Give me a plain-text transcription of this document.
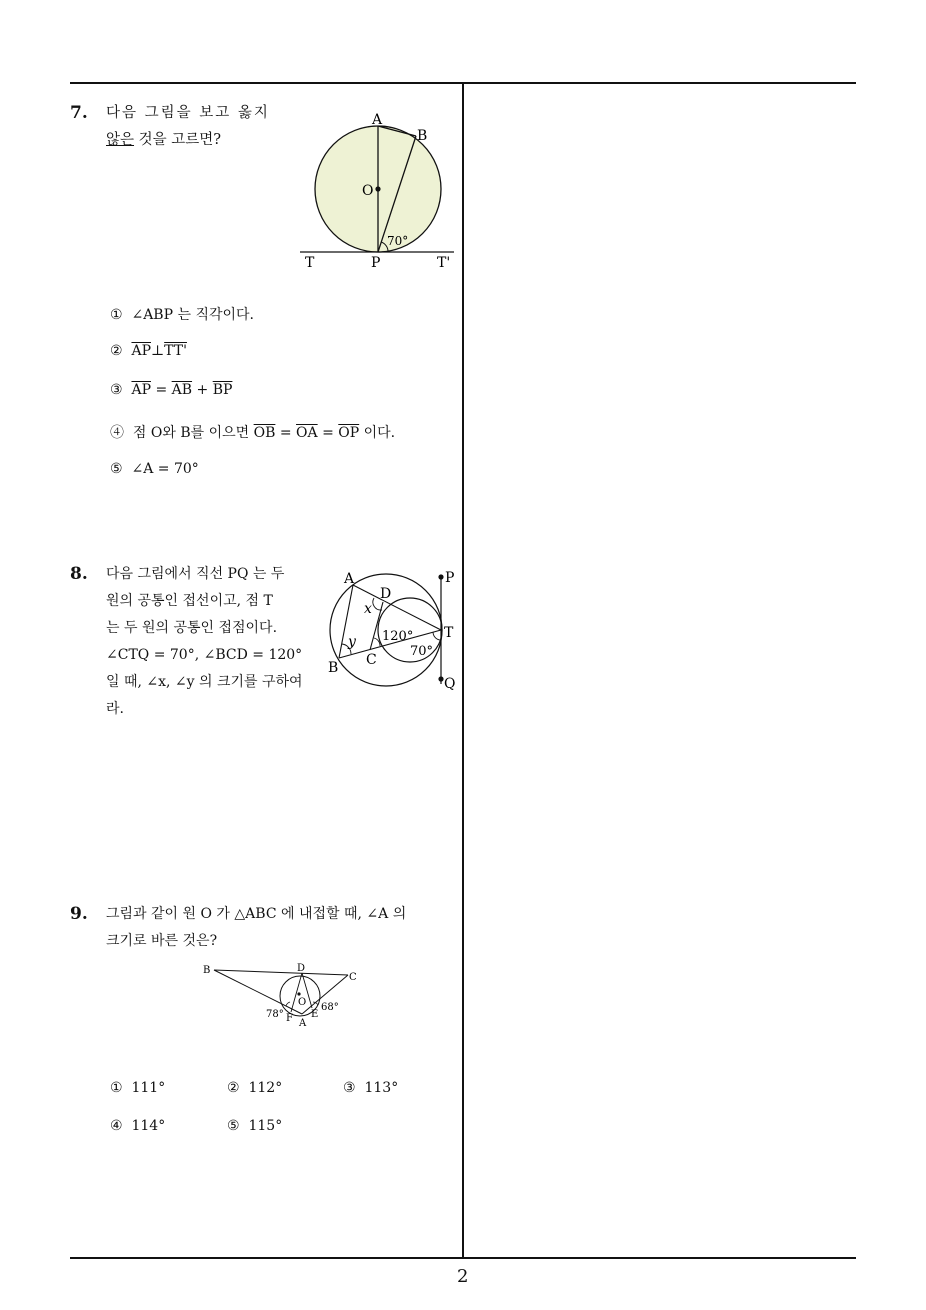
7. 다음 그림을 보고 옳지
않은 것을 고르면?
A
B
O
70°
T	P	T'
① ∠ABP 는 직각이다.
② $\overline{AP}\perp TT'$
③ $\overline{AP} = \overline{AB} + \overline{BP}$
④ 점 O와 B를 이으면 $\overline{OB} = \overline{OA} = \overline{OP}$ 이다.
⑤ ∠A = 70°
8. 다음 그림에서 직선 PQ 는 두
원의 공통인 접선이고, 점 T
는 두 원의 공통인 접점이다.
∠CTQ = 70°, ∠BCD = 120°
일 때, ∠x, ∠y 의 크기를 구하여
라.
A
D
x
y 120°
C
70°
B
P
T
Q
9. 그림과 같이 원 O 가 △ABC 에 내접할 때, ∠A 의
크기로 바른 것은?
B	D
C
O
78°
68°
F E
A
① 111°	② 112°	③ 113°
④ 114°	⑤ 115°
2
